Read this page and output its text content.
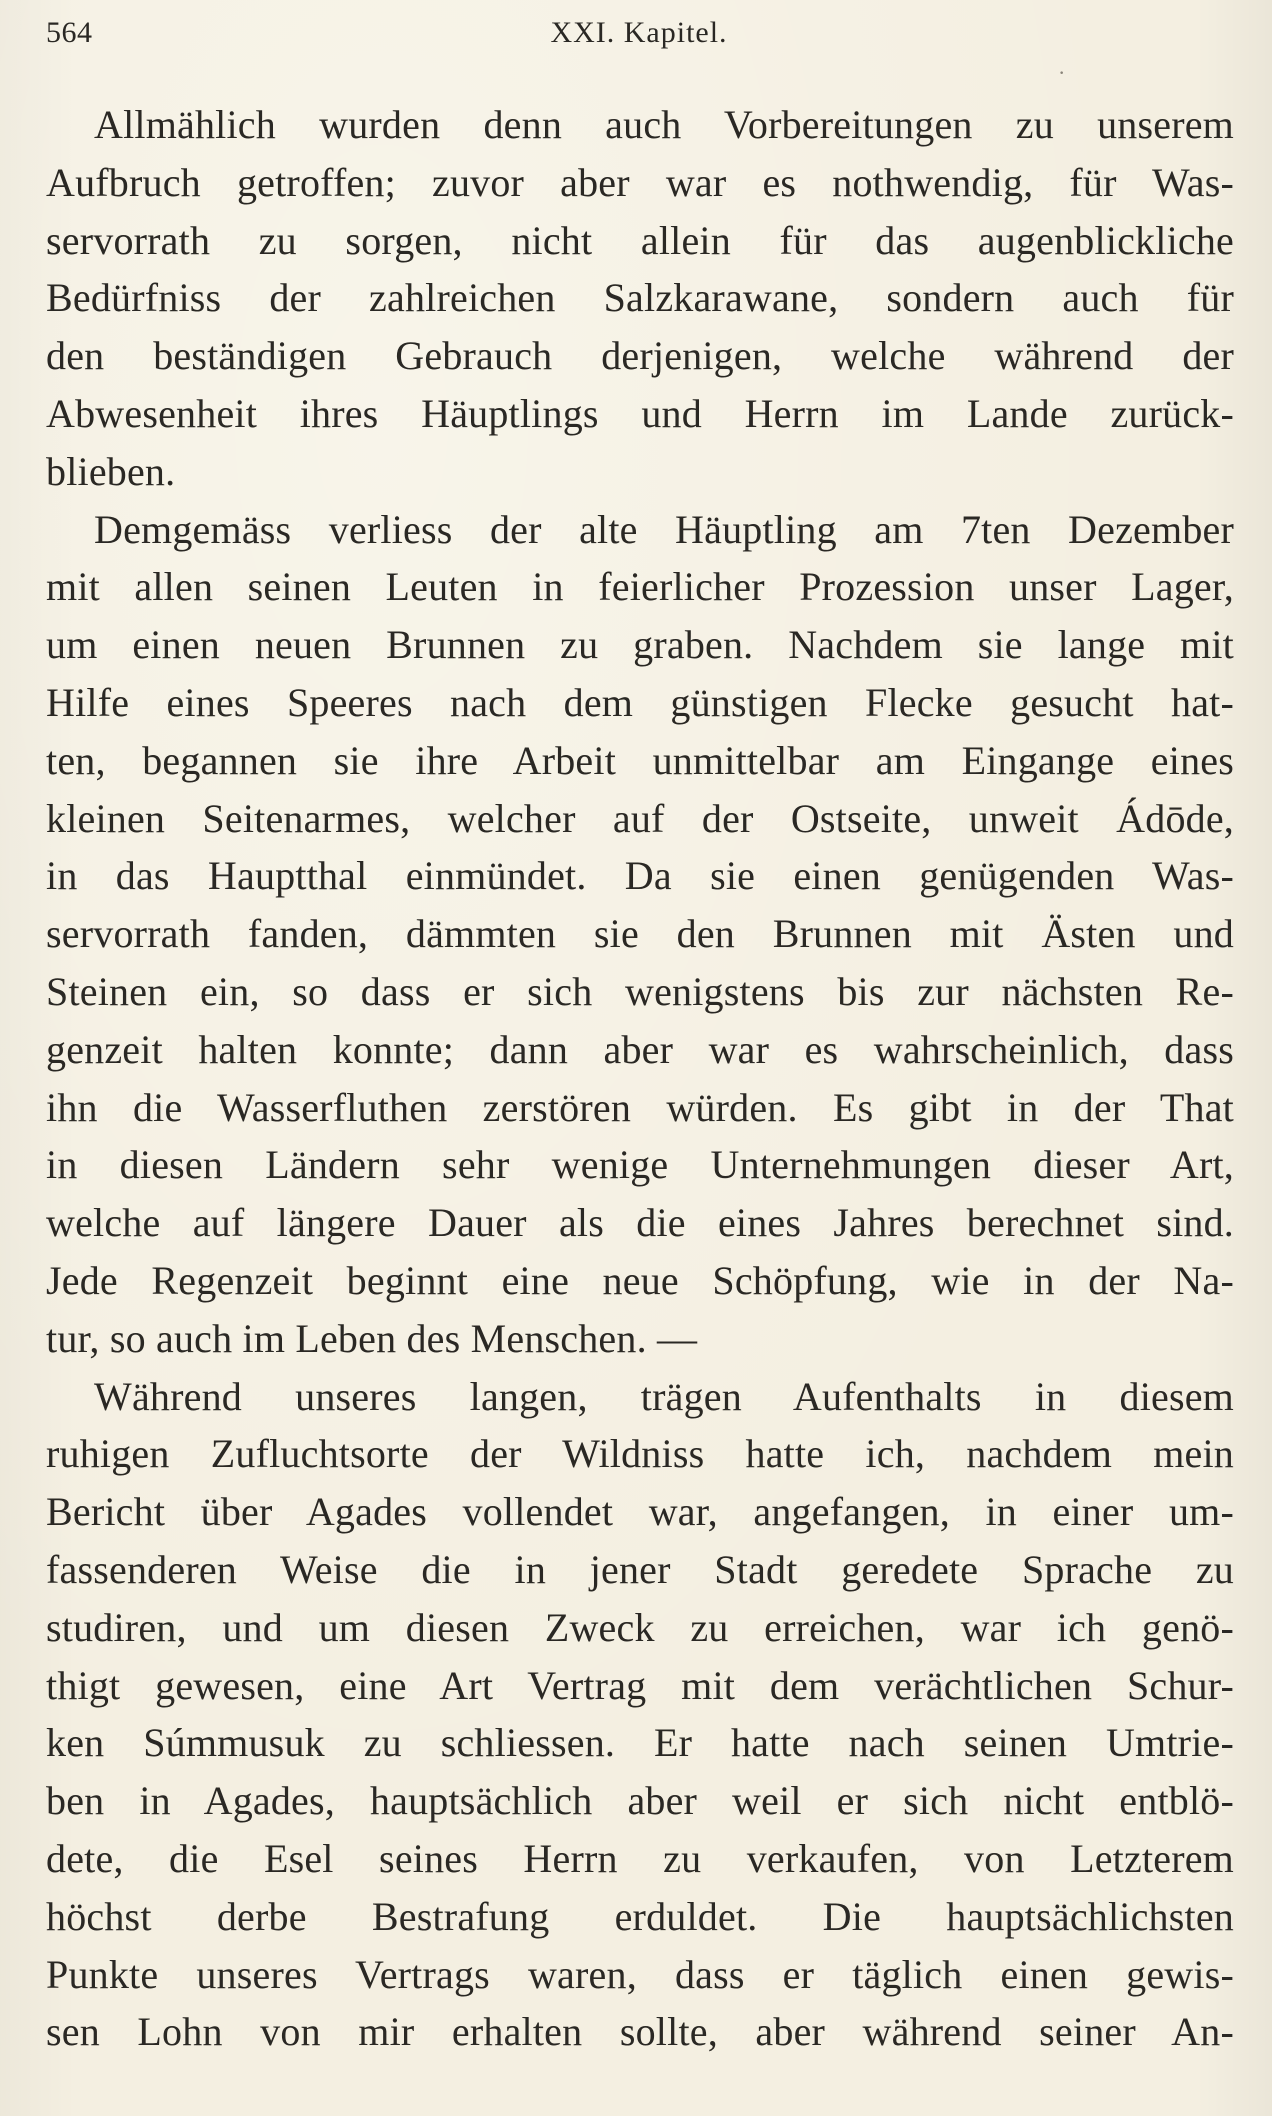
564	XXI. Kapitel.
Allmählich wurden denn auch Vorbereitungen zu unserem
Aufbruch getroffen; zuvor aber war es nothwendig, für Was-
servorrath zu sorgen, nicht allein für das augenblickliche
Bedürfniss der zahlreichen Salzkarawane, sondern auch für
den beständigen Gebrauch derjenigen, welche während der
Abwesenheit ihres Häuptlings und Herrn im Lande zurück-
blieben.
Demgemäss verliess der alte Häuptling am 7ten Dezember
mit allen seinen Leuten in feierlicher Prozession unser Lager,
um einen neuen Brunnen zu graben. Nachdem sie lange mit
Hilfe eines Speeres nach dem günstigen Flecke gesucht hat-
ten, begannen sie ihre Arbeit unmittelbar am Eingange eines
kleinen Seitenarmes, welcher auf der Ostseite, unweit Ádōde,
in das Hauptthal einmündet. Da sie einen genügenden Was-
servorrath fanden, dämmten sie den Brunnen mit Ästen und
Steinen ein, so dass er sich wenigstens bis zur nächsten Re-
genzeit halten konnte; dann aber war es wahrscheinlich, dass
ihn die Wasserfluthen zerstören würden. Es gibt in der That
in diesen Ländern sehr wenige Unternehmungen dieser Art,
welche auf längere Dauer als die eines Jahres berechnet sind.
Jede Regenzeit beginnt eine neue Schöpfung, wie in der Na-
tur, so auch im Leben des Menschen. —
Während unseres langen, trägen Aufenthalts in diesem
ruhigen Zufluchtsorte der Wildniss hatte ich, nachdem mein
Bericht über Agades vollendet war, angefangen, in einer um-
fassenderen Weise die in jener Stadt geredete Sprache zu
studiren, und um diesen Zweck zu erreichen, war ich genö-
thigt gewesen, eine Art Vertrag mit dem verächtlichen Schur-
ken Súmmusuk zu schliessen. Er hatte nach seinen Umtrie-
ben in Agades, hauptsächlich aber weil er sich nicht entblö-
dete, die Esel seines Herrn zu verkaufen, von Letzterem
höchst derbe Bestrafung erduldet. Die hauptsächlichsten
Punkte unseres Vertrags waren, dass er täglich einen gewis-
sen Lohn von mir erhalten sollte, aber während seiner An-
·
